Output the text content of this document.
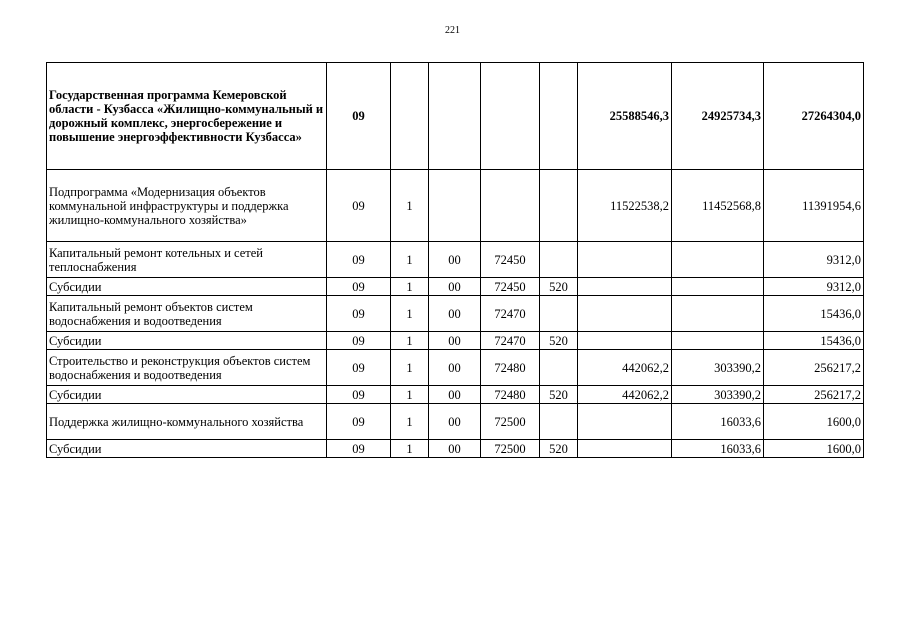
221
Государственная программа Кемеровской области - Кузбасса «Жилищно-коммунальный и дорожный комплекс, энергосбережение и повышение энергоэффективности Кузбасса»	09					25588546,3	24925734,3	27264304,0
Подпрограмма «Модернизация объектов коммунальной инфраструктуры и поддержка жилищно-коммунального хозяйства»	09	1				11522538,2	11452568,8	11391954,6
Капитальный ремонт котельных и сетей теплоснабжения	09	1	00	72450				9312,0
Субсидии	09	1	00	72450	520			9312,0
Капитальный ремонт объектов систем водоснабжения и водоотведения	09	1	00	72470				15436,0
Субсидии	09	1	00	72470	520			15436,0
Строительство и реконструкция объектов систем водоснабжения и водоотведения	09	1	00	72480		442062,2	303390,2	256217,2
Субсидии	09	1	00	72480	520	442062,2	303390,2	256217,2
Поддержка жилищно-коммунального хозяйства	09	1	00	72500			16033,6	1600,0
Субсидии	09	1	00	72500	520		16033,6	1600,0
